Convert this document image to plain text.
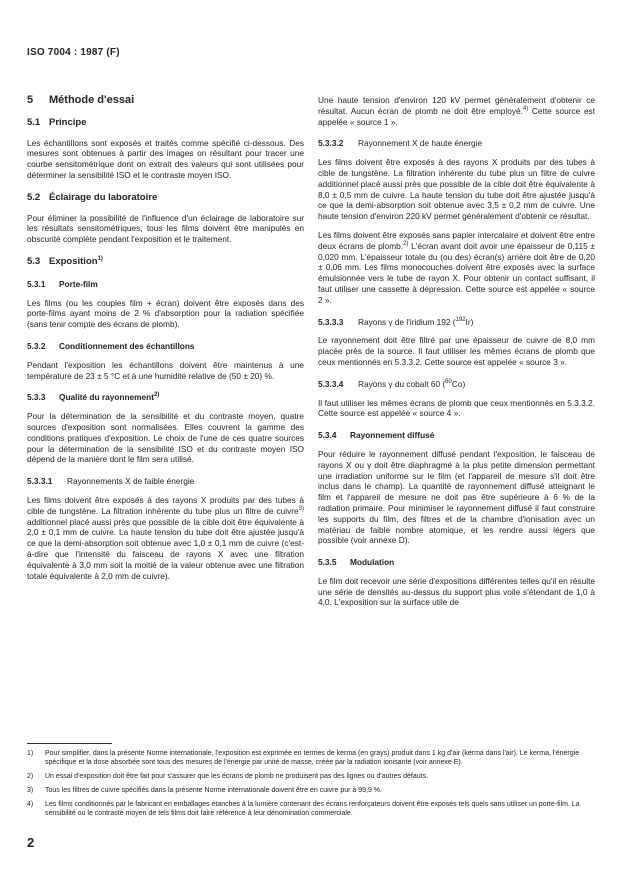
ISO 7004 : 1987 (F)
5 Méthode d'essai
5.1 Principe

Les échantillons sont exposés et traités comme spécifié ci-dessous. Des mesures sont obtenues à partir des images on résultant pour tracer une courbe sensitométrique dont on extrait des valeurs qui sont utilisées pour déterminer la sensibilité ISO et le contraste moyen ISO.

5.2 Éclairage du laboratoire

Pour éliminer la possibilité de l'influence d'un éclairage de laboratoire sur les résultats sensitométriques, tous les films doivent être manipulés en obscurité complète pendant l'exposition et le traitement.

5.3 Exposition$^{1)}$
5.3.1 Porte-film

Les films (ou les couples film + écran) doivent être exposés dans des porte-films ayant moins de 2 % d'absorption pour la radiation spécifiée (sans tenir compte des écrans de plomb).

5.3.2 Conditionnement des échantillons

Pendant l'exposition les échantillons doivent être maintenus à une température de 23 ± 5 °C et à une humidité relative de (50 ± 20) %.

5.3.3 Qualité du rayonnement$^{2)}$

Pour la détermination de la sensibilité et du contraste moyen, quatre sources d'exposition sont normalisées. Elles couvrent la gamme des conditions pratiques d'exposition. Le choix de l'une de ces quatre sources pour la détermination de la sensibilité ISO et du contraste moyen ISO dépend de la manière dont le film sera utilisé.

5.3.3.1 Rayonnements X de faible énergie

Les films doivent être exposés à des rayons X produits par des tubes à cible de tungstène. La filtration inhérente du tube plus un filtre de cuivre$^{3)}$ additionnel placé aussi près que possible de la cible doit être équivalente à 2,0 ± 0,1 mm de cuivre. La haute tension du tube doit être ajustée jusqu'à ce que la demi-absorption soit obtenue avec 1,0 ± 0,1 mm de cuivre (c'est-à-dire que l'intensité du faisceau de rayons X avec une filtration équivalente à 3,0 mm soit la moitié de la valeur obtenue avec une filtration totale équivalente à 2,0 mm de cuivre).

Une haute tension d'environ 120 kV permet généralement d'obtenir ce résultat. Aucun écran de plomb ne doit être employé.$^{4)}$ Cette source est appelée « source 1 ».

5.3.3.2 Rayonnement X de haute énergie

Les films doivent être exposés à des rayons X produits par des tubes à cible de tungstène. La filtration inhérente du tube plus un filtre de cuivre additionnel placé aussi près que possible de la cible doit être équivalente à 8,0 ± 0,5 mm de cuivre. La haute tension du tube doit être ajustée jusqu'à ce que la demi-absorption soit obtenue avec 3,5 ± 0,2 mm de cuivre. Une haute tension d'environ 220 kV permet généralement d'obtenir ce résultat.

Les films doivent être exposés sans papier intercalaire et doivent être entre deux écrans de plomb.$^{2)}$ L'écran avant doit avoir une épaisseur de 0,115 ± 0,020 mm. L'épaisseur totale du (ou des) écran(s) arrière doit être de 0,20 ± 0,06 mm. Les films monocouches doivent être exposés avec la surface émulsionnée vers le tube de rayon X. Pour obtenir un contact suffisant, il faut utiliser une cassette à dépression. Cette source est appelée « source 2 ».

5.3.3.3 Rayons γ de l'iridium 192 ($^{192}$Ir)

Le rayonnement doit être filtré par une épaisseur de cuivre de 8,0 mm placée près de la source. Il faut utiliser les mêmes écrans de plomb que ceux mentionnés en 5.3.3.2. Cette source est appelée « source 3 ».

5.3.3.4 Rayons γ du cobalt 60 ($^{60}$Co)

Il faut utiliser les mêmes écrans de plomb que ceux mentionnés en 5.3.3.2. Cette source est appelée « source 4 ».

5.3.4 Rayonnement diffusé

Pour réduire le rayonnement diffusé pendant l'exposition, le faisceau de rayons X ou γ doit être diaphragmé à la plus petite dimension permettant une irradiation uniforme sur le film (et l'appareil de mesure s'il doit être inclus dans le champ). La quantité de rayonnement diffusé atteignant le film et l'appareil de mesure ne doit pas être supérieure à 6 % de la radiation primaire. Pour minimiser le rayonnement diffusé il faut construire les supports du film, des filtres et de la chambre d'ionisation avec un matériau de faible nombre atomique, et les rendre aussi légers que possible (voir annexe D).

5.3.5 Modulation

Le film doit recevoir une série d'expositions différentes telles qu'il en résulte une série de densités au-dessus du support plus voile s'étendant de 1,0 à 4,0. L'exposition sur la surface utile de

1)	Pour simplifier, dans la présente Norme internationale, l'exposition est exprimée en termes de kerma (en grays) produit dans 1 kg d'air (kerma dans l'air). Le kerma, l'énergie spécifique et la dose absorbée sont tous des mesures de l'énergie par unité de masse, créée par la radiation ionisante (voir annexe E).
2)	Un essai d'exposition doit être fait pour s'assurer que les écrans de plomb ne produisent pas des lignes ou d'autres défauts.
3)	Tous les filtres de cuivre spécifiés dans la présente Norme internationale doivent être en cuivre pur à 99,9 %.
4)	Les films conditionnés par le fabricant en emballages étanches à la lumière contenant des écrans renforçateurs doivent être exposés tels quels sans utiliser un porte-film. La sensibilité ou le contraste moyen de tels films doit faire référence à leur dénomination commerciale.
2
